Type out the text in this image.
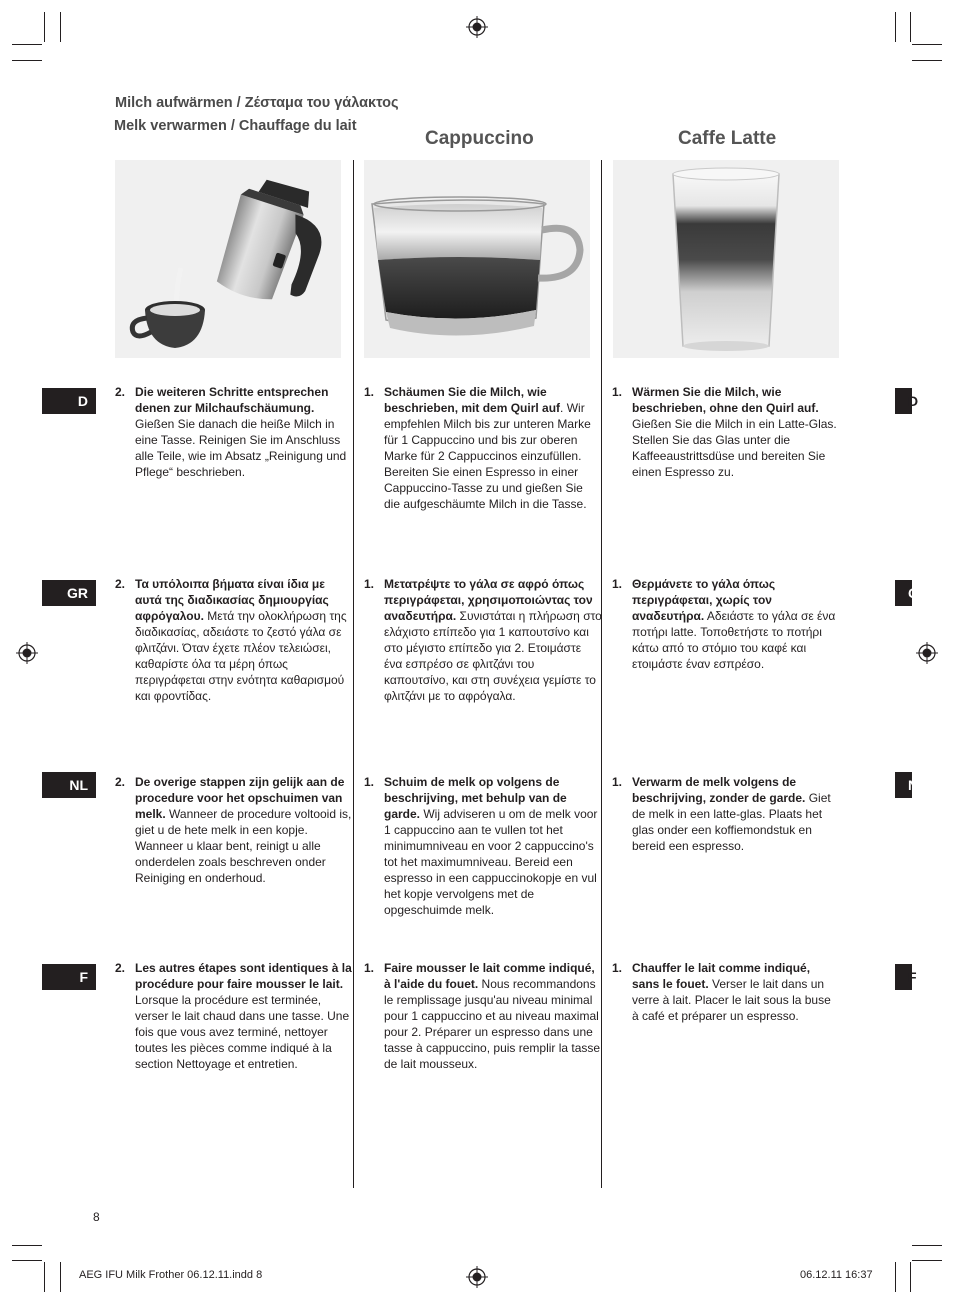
Milch aufwärmen / Ζέσταμα του γάλακτος
Melk verwarmen / Chauffage du lait
Cappuccino	Caffe Latte
D
GR
NL
F
D
G
N
F
2. Die weiteren Schritte entsprechen denen zur Milchaufschäumung. Gießen Sie danach die heiße Milch in eine Tasse. Reinigen Sie im Anschluss alle Teile, wie im Absatz „Reinigung und Pflege“ beschrieben.
1. Schäumen Sie die Milch, wie beschrieben, mit dem Quirl auf. Wir empfehlen Milch bis zur unteren Marke für 1 Cappuccino und bis zur oberen Marke für 2 Cappuccinos einzufüllen. Bereiten Sie einen Espresso in einer Cappuccino-Tasse zu und gießen Sie die aufgeschäumte Milch in die Tasse.
1. Wärmen Sie die Milch, wie beschrieben, ohne den Quirl auf. Gießen Sie die Milch in ein Latte-Glas. Stellen Sie das Glas unter die Kaffeeaustrittsdüse und bereiten Sie einen Espresso zu.
2. Τα υπόλοιπα βήματα είναι ίδια με αυτά της διαδικασίας δημιουργίας αφρόγαλου. Μετά την ολοκλήρωση της διαδικασίας, αδειάστε το ζεστό γάλα σε φλιτζάνι. Όταν έχετε πλέον τελειώσει, καθαρίστε όλα τα μέρη όπως περιγράφεται στην ενότητα καθαρισμού και φροντίδας.
1. Μετατρέψτε το γάλα σε αφρό όπως περιγράφεται, χρησιμοποιώντας τον αναδευτήρα. Συνιστάται η πλήρωση στο ελάχιστο επίπεδο για 1 καπουτσίνο και στο μέγιστο επίπεδο για 2. Ετοιμάστε ένα εσπρέσο σε φλιτζάνι του καπουτσίνο, και στη συνέχεια γεμίστε το φλιτζάνι με το αφρόγαλα.
1. Θερμάνετε το γάλα όπως περιγράφεται, χωρίς τον αναδευτήρα. Αδειάστε το γάλα σε ένα ποτήρι latte. Τοποθετήστε το ποτήρι κάτω από το στόμιο του καφέ και ετοιμάστε έναν εσπρέσο.
2. De overige stappen zijn gelijk aan de procedure voor het opschuimen van melk. Wanneer de procedure voltooid is, giet u de hete melk in een kopje. Wanneer u klaar bent, reinigt u alle onderdelen zoals beschreven onder Reiniging en onderhoud.
1. Schuim de melk op volgens de beschrijving, met behulp van de garde. Wij adviseren u om de melk voor 1 cappuccino aan te vullen tot het minimumniveau en voor 2 cappuccino's tot het maximumniveau. Bereid een espresso in een cappuccinokopje en vul het kopje vervolgens met de opgeschuimde melk.
1. Verwarm de melk volgens de beschrijving, zonder de garde. Giet de melk in een latte-glas. Plaats het glas onder een koffiemondstuk en bereid een espresso.
2. Les autres étapes sont identiques à la procédure pour faire mousser le lait. Lorsque la procédure est terminée, verser le lait chaud dans une tasse. Une fois que vous avez terminé, nettoyer toutes les pièces comme indiqué à la section Nettoyage et entretien.
1. Faire mousser le lait comme indiqué, à l'aide du fouet. Nous recommandons le remplissage jusqu'au niveau minimal pour 1 cappuccino et au niveau maximal pour 2. Préparer un espresso dans une tasse à cappuccino, puis remplir la tasse de lait mousseux.
1. Chauffer le lait comme indiqué, sans le fouet. Verser le lait dans un verre à lait. Placer le lait sous la buse à café et préparer un espresso.
8
AEG IFU Milk Frother 06.12.11.indd 8	06.12.11 16:37
